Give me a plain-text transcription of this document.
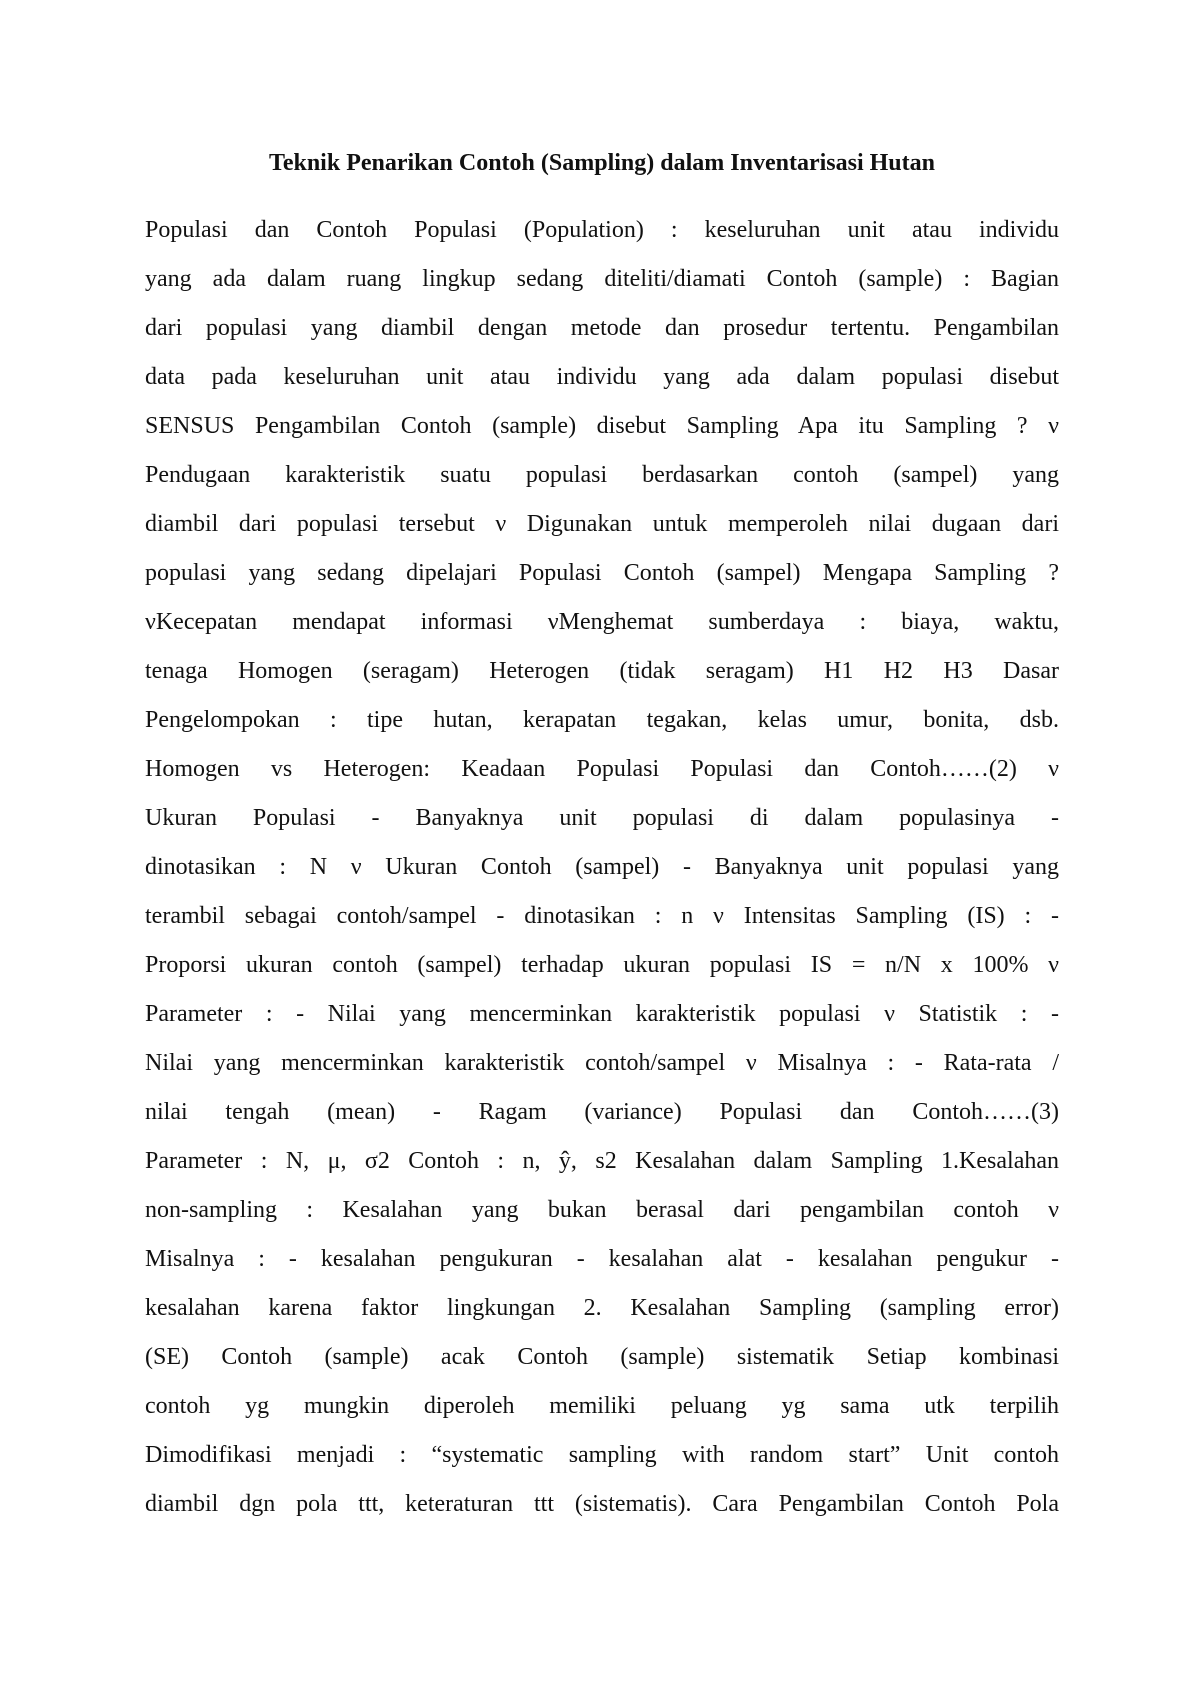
Teknik Penarikan Contoh (Sampling) dalam Inventarisasi Hutan
Populasi dan Contoh Populasi (Population) : keseluruhan unit atau individu
yang ada dalam ruang lingkup sedang diteliti/diamati Contoh (sample) : Bagian
dari populasi yang diambil dengan metode dan prosedur tertentu. Pengambilan
data pada keseluruhan unit atau individu yang ada dalam populasi disebut
SENSUS Pengambilan Contoh (sample) disebut Sampling Apa itu Sampling ? ν
Pendugaan karakteristik suatu populasi berdasarkan contoh (sampel) yang
diambil dari populasi tersebut ν Digunakan untuk memperoleh nilai dugaan dari
populasi yang sedang dipelajari Populasi Contoh (sampel) Mengapa Sampling ?
νKecepatan mendapat informasi νMenghemat sumberdaya : biaya, waktu,
tenaga Homogen (seragam) Heterogen (tidak seragam) H1 H2 H3 Dasar
Pengelompokan : tipe hutan, kerapatan tegakan, kelas umur, bonita, dsb.
Homogen vs Heterogen: Keadaan Populasi Populasi dan Contoh……(2) ν
Ukuran Populasi - Banyaknya unit populasi di dalam populasinya -
dinotasikan : N ν Ukuran Contoh (sampel) - Banyaknya unit populasi yang
terambil sebagai contoh/sampel - dinotasikan : n ν Intensitas Sampling (IS) : -
Proporsi ukuran contoh (sampel) terhadap ukuran populasi IS = n/N x 100% ν
Parameter : - Nilai yang mencerminkan karakteristik populasi ν Statistik : -
Nilai yang mencerminkan karakteristik contoh/sampel ν Misalnya : - Rata-rata /
nilai tengah (mean) - Ragam (variance) Populasi dan Contoh……(3)
Parameter : N, μ, σ2 Contoh : n, ŷ, s2 Kesalahan dalam Sampling 1.Kesalahan
non-sampling : Kesalahan yang bukan berasal dari pengambilan contoh ν
Misalnya : - kesalahan pengukuran - kesalahan alat - kesalahan pengukur -
kesalahan karena faktor lingkungan 2. Kesalahan Sampling (sampling error)
(SE) Contoh (sample) acak Contoh (sample) sistematik Setiap kombinasi
contoh yg mungkin diperoleh memiliki peluang yg sama utk terpilih
Dimodifikasi menjadi : “systematic sampling with random start” Unit contoh
diambil dgn pola ttt, keteraturan ttt (sistematis). Cara Pengambilan Contoh Pola
